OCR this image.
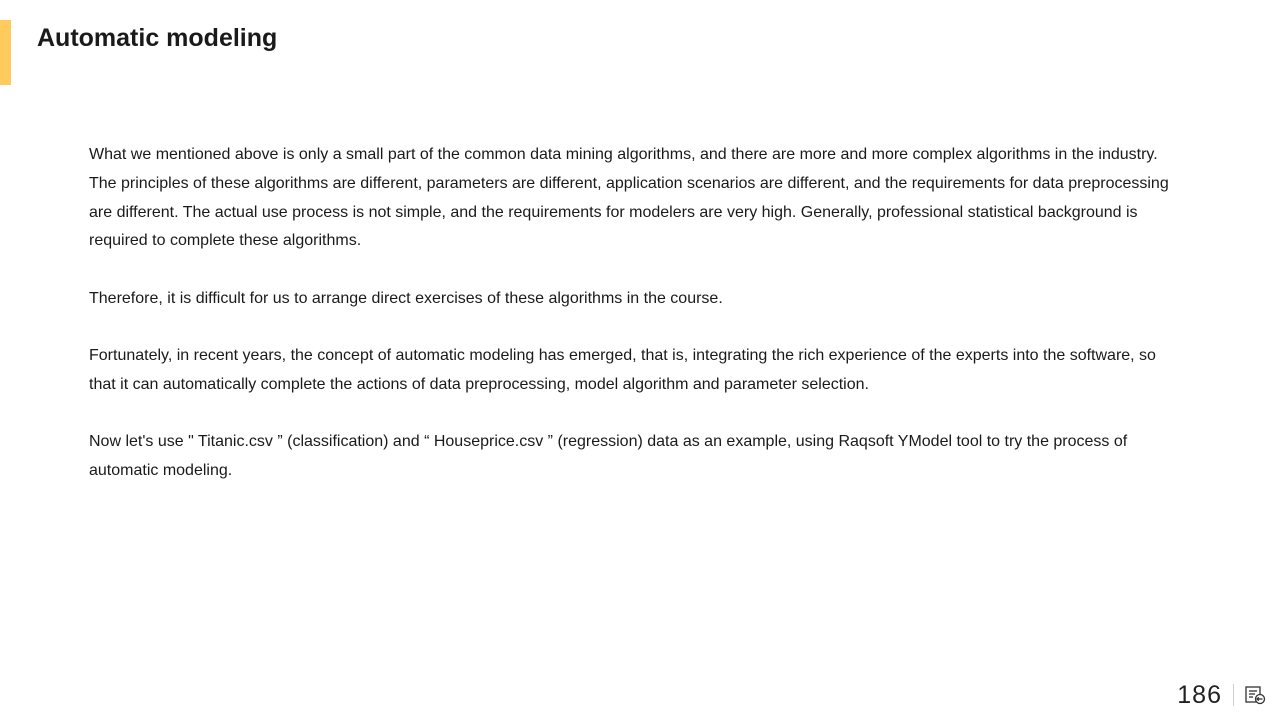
Automatic modeling

What we mentioned above is only a small part of the common data mining algorithms, and there are more and more complex algorithms in the industry. The principles of these algorithms are different, parameters are different, application scenarios are different, and the requirements for data preprocessing are different. The actual use process is not simple, and the requirements for modelers are very high. Generally, professional statistical background is required to complete these algorithms.

Therefore, it is difficult for us to arrange direct exercises of these algorithms in the course.

Fortunately, in recent years, the concept of automatic modeling has emerged, that is, integrating the rich experience of the experts into the software, so that it can automatically complete the actions of data preprocessing, model algorithm and parameter selection.

Now let's use " Titanic.csv ” (classification) and “ Houseprice.csv ” (regression) data as an example, using Raqsoft YModel tool to try the process of automatic modeling.

186
